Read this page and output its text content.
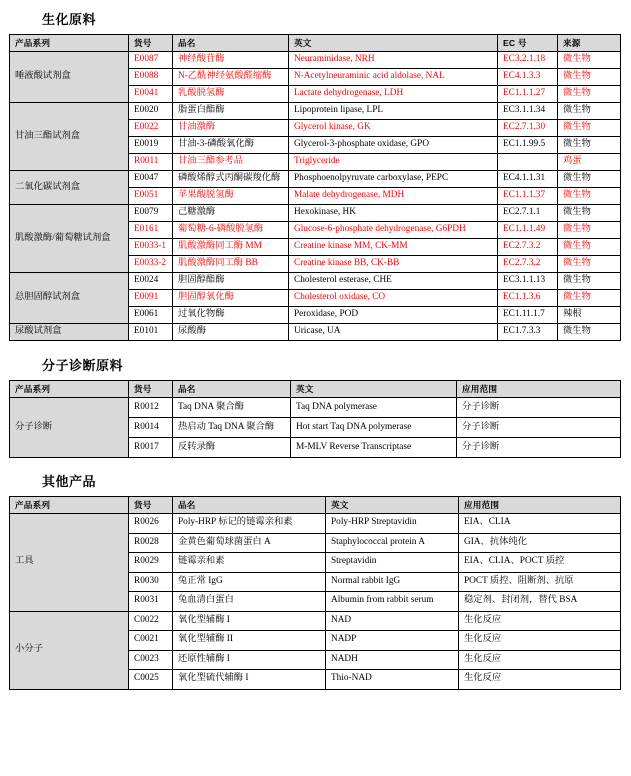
生化原料
产品系列	货号	品名	英文	EC 号	来源
唾液酸试剂盒	E0087	神经酸苷酶	Neuraminidase, NRH	EC3.2.1.18	微生物
	E0088	N-乙酰神经氨酸醛缩酶	N-Acetylneuraminic acid aldolase, NAL	EC4.1.3.3	微生物
	E0041	乳酸脱氢酶	Lactate dehydrogenase, LDH	EC1.1.1.27	微生物
甘油三酯试剂盒	E0020	脂蛋白酯酶	Lipoprotein lipase, LPL	EC3.1.1.34	微生物
	E0022	甘油激酶	Glycerol kinase, GK	EC2.7.1.30	微生物
	E0019	甘油-3-磷酸氧化酶	Glycerol-3-phosphate oxidase, GPO	EC1.1.99.5	微生物
	R0011	甘油三酯参考品	Triglyceride		鸡蛋
二氧化碳试剂盒	E0047	磷酸烯醇式丙酮碳羧化酶	Phosphoenolpyruvate carboxylase, PEPC	EC4.1.1.31	微生物
	E0051	苹果酸脱氢酶	Malate dehydrogenase, MDH	EC1.1.1.37	微生物
肌酸激酶/葡萄糖试剂盒	E0079	己糖激酶	Hexokinase, HK	EC2.7.1.1	微生物
	E0161	葡萄糖-6-磷酸脱氢酶	Glucose-6-phosphate dehydrogenase, G6PDH	EC1.1.1.49	微生物
	E0033-1	肌酸激酶同工酶 MM	Creatine kinase MM, CK-MM	EC2.7.3.2	微生物
	E0033-2	肌酸激酶同工酶 BB	Creatine kinase BB, CK-BB	EC2.7.3.2	微生物
总胆固醇试剂盒	E0024	胆固醇酯酶	Cholesterol esterase, CHE	EC3.1.1.13	微生物
	E0091	胆固醇氧化酶	Cholesterol oxidase, CO	EC1.1.3.6	微生物
	E0061	过氧化物酶	Peroxidase, POD	EC1.11.1.7	辣根
尿酸试剂盒	E0101	尿酸酶	Uricase, UA	EC1.7.3.3	微生物
分子诊断原料
产品系列	货号	品名	英文	应用范围
分子诊断	R0012	Taq DNA 聚合酶	Taq DNA polymerase	分子诊断
	R0014	热启动 Taq DNA 聚合酶	Hot start Taq DNA polymerase	分子诊断
	R0017	反转录酶	M-MLV Reverse Transcriptase	分子诊断
其他产品
产品系列	货号	品名	英文	应用范围
工具	R0026	Poly-HRP 标记的链霉亲和素	Poly-HRP Streptavidin	EIA、CLIA
	R0028	金黄色葡萄球菌蛋白 A	Staphylococcal protein A	GIA、抗体纯化
	R0029	链霉亲和素	Streptavidin	EIA、CLIA、POCT 质控
	R0030	兔正常 IgG	Normal rabbit IgG	POCT 质控、阻断剂、抗原
	R0031	兔血清白蛋白	Albumin from rabbit serum	稳定剂、封闭剂，替代 BSA
小分子	C0022	氧化型辅酶 I	NAD	生化反应
	C0021	氧化型辅酶 II	NADP	生化反应
	C0023	还原性辅酶 I	NADH	生化反应
	C0025	氧化型硫代辅酶 I	Thio-NAD	生化反应
